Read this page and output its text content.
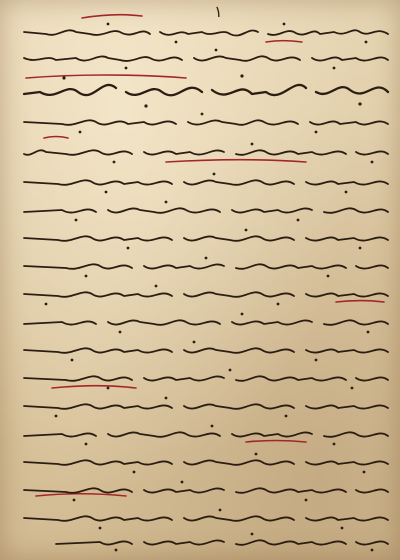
١
